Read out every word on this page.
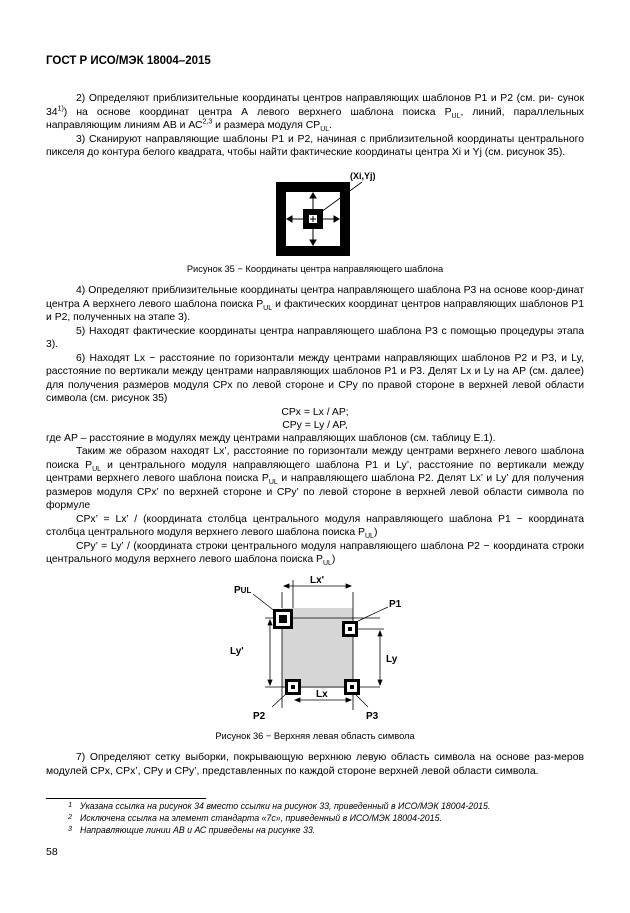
ГОСТ Р ИСО/МЭК 18004–2015

2) Определяют приблизительные координаты центров направляющих шаблонов P1 и P2 (см. ри- сунок 34$^{1)}$) на основе координат центра А левого верхнего шаблона поиска $P_{UL}$, линий, параллельных направляющим линиям АВ и АС$^{2,3}$ и размера модуля $CP_{UL}$.

3) Сканируют направляющие шаблоны P1 и P2, начиная с приблизительной координаты центрального пикселя до контура белого квадрата, чтобы найти фактические координаты центра Xi и Yj (см. рисунок 35).

(Xi,Yj)
Рисунок 35 − Координаты центра направляющего шаблона

4) Определяют приблизительные координаты центра направляющего шаблона P3 на основе коор-динат центра А верхнего левого шаблона поиска $P_{UL}$ и фактических координат центров направляющих шаблонов P1 и P2, полученных на этапе 3).

5) Находят фактические координаты центра направляющего шаблона P3 с помощью процедуры этапа 3).

6) Находят Lx − расстояние по горизонтали между центрами направляющих шаблонов P2 и P3, и Ly, расстояние по вертикали между центрами направляющих шаблонов P1 и P3. Делят Lx и Ly на AP (см. далее) для получения размеров модуля CPx по левой стороне и CPy по правой стороне в верхней левой области символа (см. рисунок 35)

CPx = Lx / AP;

CPy = Ly / AP,

где AP – расстояние в модулях между центрами направляющих шаблонов (см. таблицу Е.1).

Таким же образом находят Lx’, расстояние по горизонтали между центрами верхнего левого шаблона поиска $P_{UL}$ и центрального модуля направляющего шаблона P1 и Ly’, расстояние по вертикали между центрами верхнего левого шаблона поиска $P_{UL}$ и направляющего шаблона P2. Делят Lx’ и Ly’ для получения размеров модуля CPx’ по верхней стороне и CPy’ по левой стороне в верхней левой области символа по формуле

CPx’ = Lx’ / (координата столбца центрального модуля направляющего шаблона P1 − координата столбца центрального модуля верхнего левого шаблона поиска $P_{UL}$)

CPy’ = Ly’ / (координата строки центрального модуля направляющего шаблона P2 − координата строки центрального модуля верхнего левого шаблона поиска $P_{UL}$)

PUL
Lx'
P1
Ly'
Ly
Lx
P2	P3
Рисунок 36 − Верхняя левая область символа

7) Определяют сетку выборки, покрывающую верхнюю левую область символа на основе раз-меров модулей CPx, CPx’, CPy и CPy’, представленных по каждой стороне верхней левой области символа.

1 Указана ссылка на рисунок 34 вместо ссылки на рисунок 33, приведенный в ИСО/МЭК 18004-2015.
2 Исключена ссылка на элемент стандарта «7c», приведенный в ИСО/МЭК 18004-2015.
3 Направляющие линии АВ и АС приведены на рисунке 33.
58
